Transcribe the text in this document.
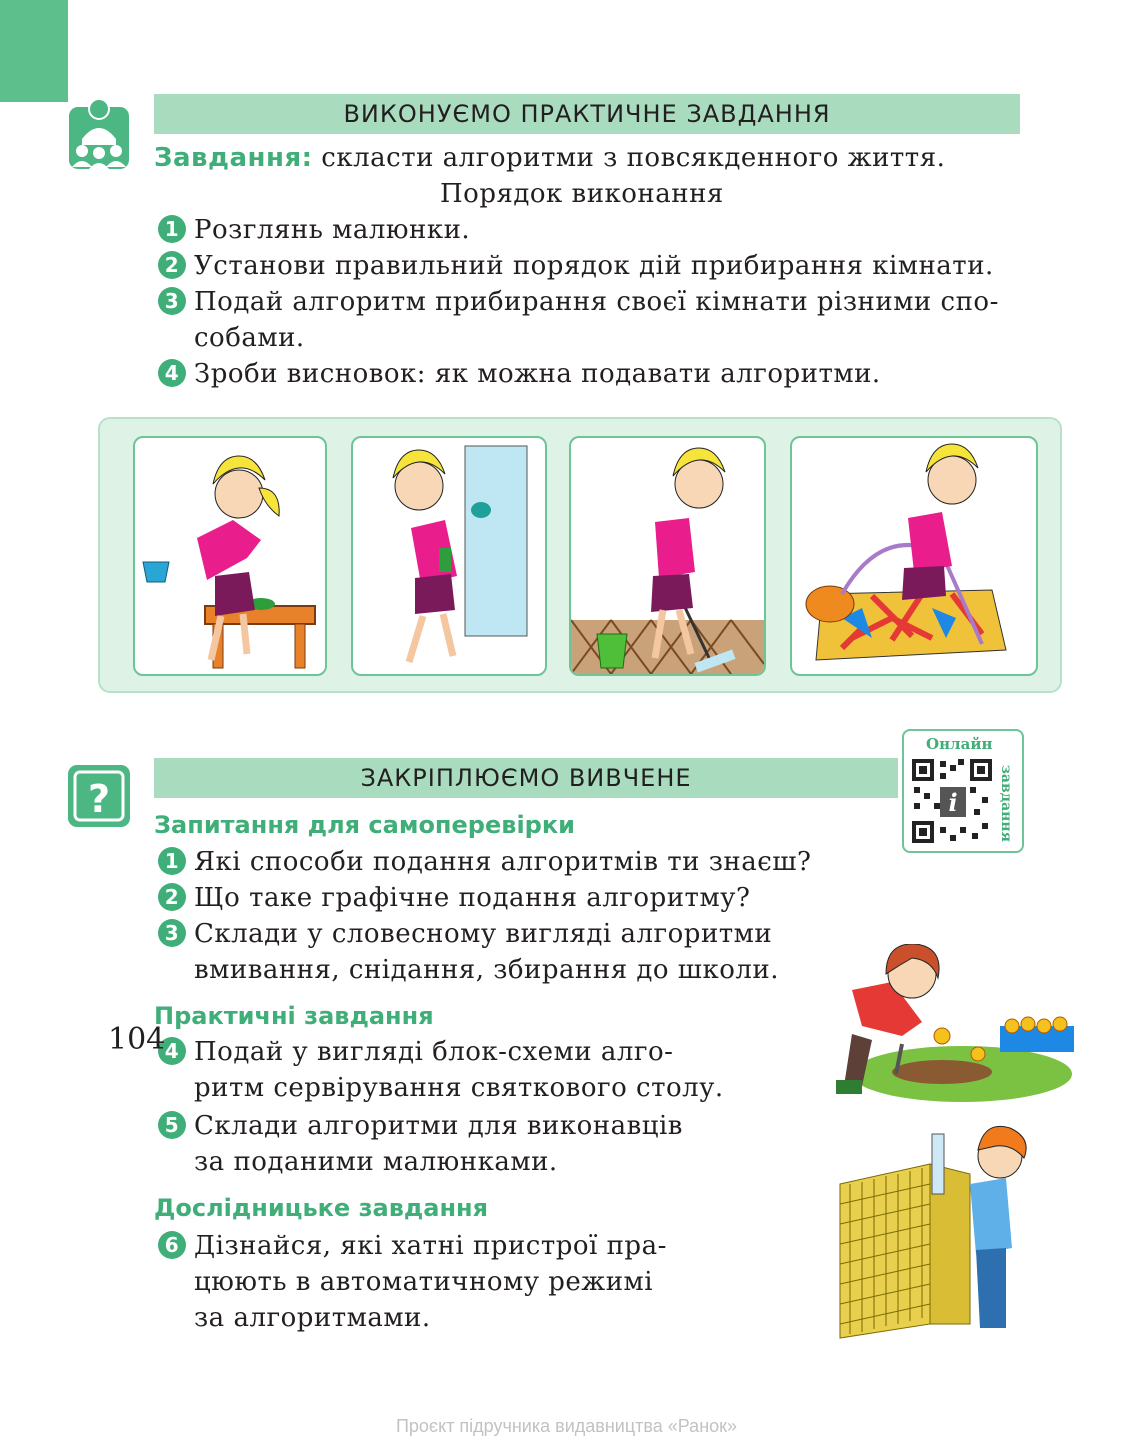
ВИКОНУЄМО ПРАКТИЧНЕ ЗАВДАННЯ
Завдання: скласти алгоритми з повсякденного життя.
Порядок виконання
1 Розглянь малюнки.
2 Установи правильний порядок дій прибирання кімнати.
3 Подай алгоритм прибирання своєї кімнати різними спо-
собами.
4 Зроби висновок: як можна подавати алгоритми.
?	ЗАКРІПЛЮЄМО ВИВЧЕНЕ
Онлайн
завдання
i
Запитання для самоперевірки
1 Які способи подання алгоритмів ти знаєш?
2 Що таке графічне подання алгоритму?
3 Склади у словесному вигляді алгоритми
вмивання, снідання, збирання до школи.
Практичні завдання
4 Подай у вигляді блок-схеми алго-
ритм сервірування святкового столу.
5 Склади алгоритми для виконавців
за поданими малюнками.
Дослідницьке завдання
6 Дізнайся, які хатні пристрої пра-
цюють в автоматичному режимі
за алгоритмами.
104
Проєкт підручника видавництва «Ранок»
